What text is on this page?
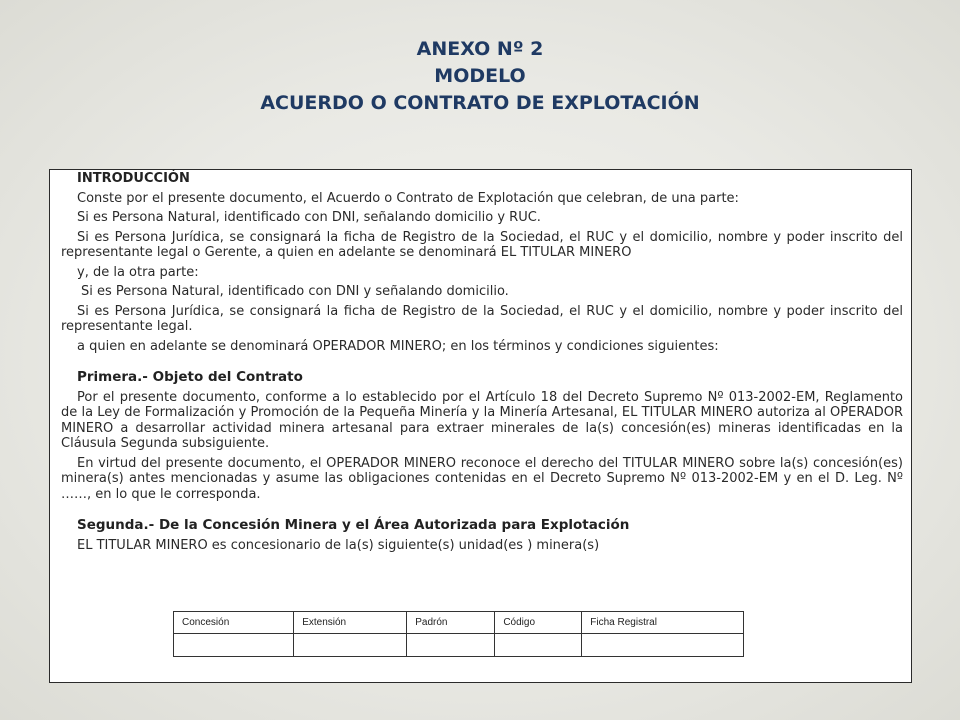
ANEXO Nº 2
MODELO
ACUERDO O CONTRATO DE EXPLOTACIÓN
INTRODUCCIÓN

Conste por el presente documento, el Acuerdo o Contrato de Explotación que celebran, de una parte:

Si es Persona Natural, identificado con DNI, señalando domicilio y RUC.

Si es Persona Jurídica, se consignará la ficha de Registro de la Sociedad, el RUC y el domicilio, nombre y poder inscrito del representante legal o Gerente, a quien en adelante se denominará EL TITULAR MINERO

y, de la otra parte:

Si es Persona Natural, identificado con DNI y señalando domicilio.

Si es Persona Jurídica, se consignará la ficha de Registro de la Sociedad, el RUC y el domicilio, nombre y poder inscrito del representante legal.

a quien en adelante se denominará OPERADOR MINERO; en los términos y condiciones siguientes:

Primera.- Objeto del Contrato

Por el presente documento, conforme a lo establecido por el Artículo 18 del Decreto Supremo Nº 013-2002-EM, Reglamento de la Ley de Formalización y Promoción de la Pequeña Minería y la Minería Artesanal, EL TITULAR MINERO autoriza al OPERADOR MINERO a desarrollar actividad minera artesanal para extraer minerales de la(s) concesión(es) mineras identificadas en la Cláusula Segunda subsiguiente.

En virtud del presente documento, el OPERADOR MINERO reconoce el derecho del TITULAR MINERO sobre la(s) concesión(es) minera(s) antes mencionadas y asume las obligaciones contenidas en el Decreto Supremo Nº 013-2002-EM y en el D. Leg. Nº ……, en lo que le corresponda.

Segunda.- De la Concesión Minera y el Área Autorizada para Explotación

EL TITULAR MINERO es concesionario de la(s) siguiente(s) unidad(es ) minera(s)

Concesión	Extensión	Padrón	Código	Ficha Registral
